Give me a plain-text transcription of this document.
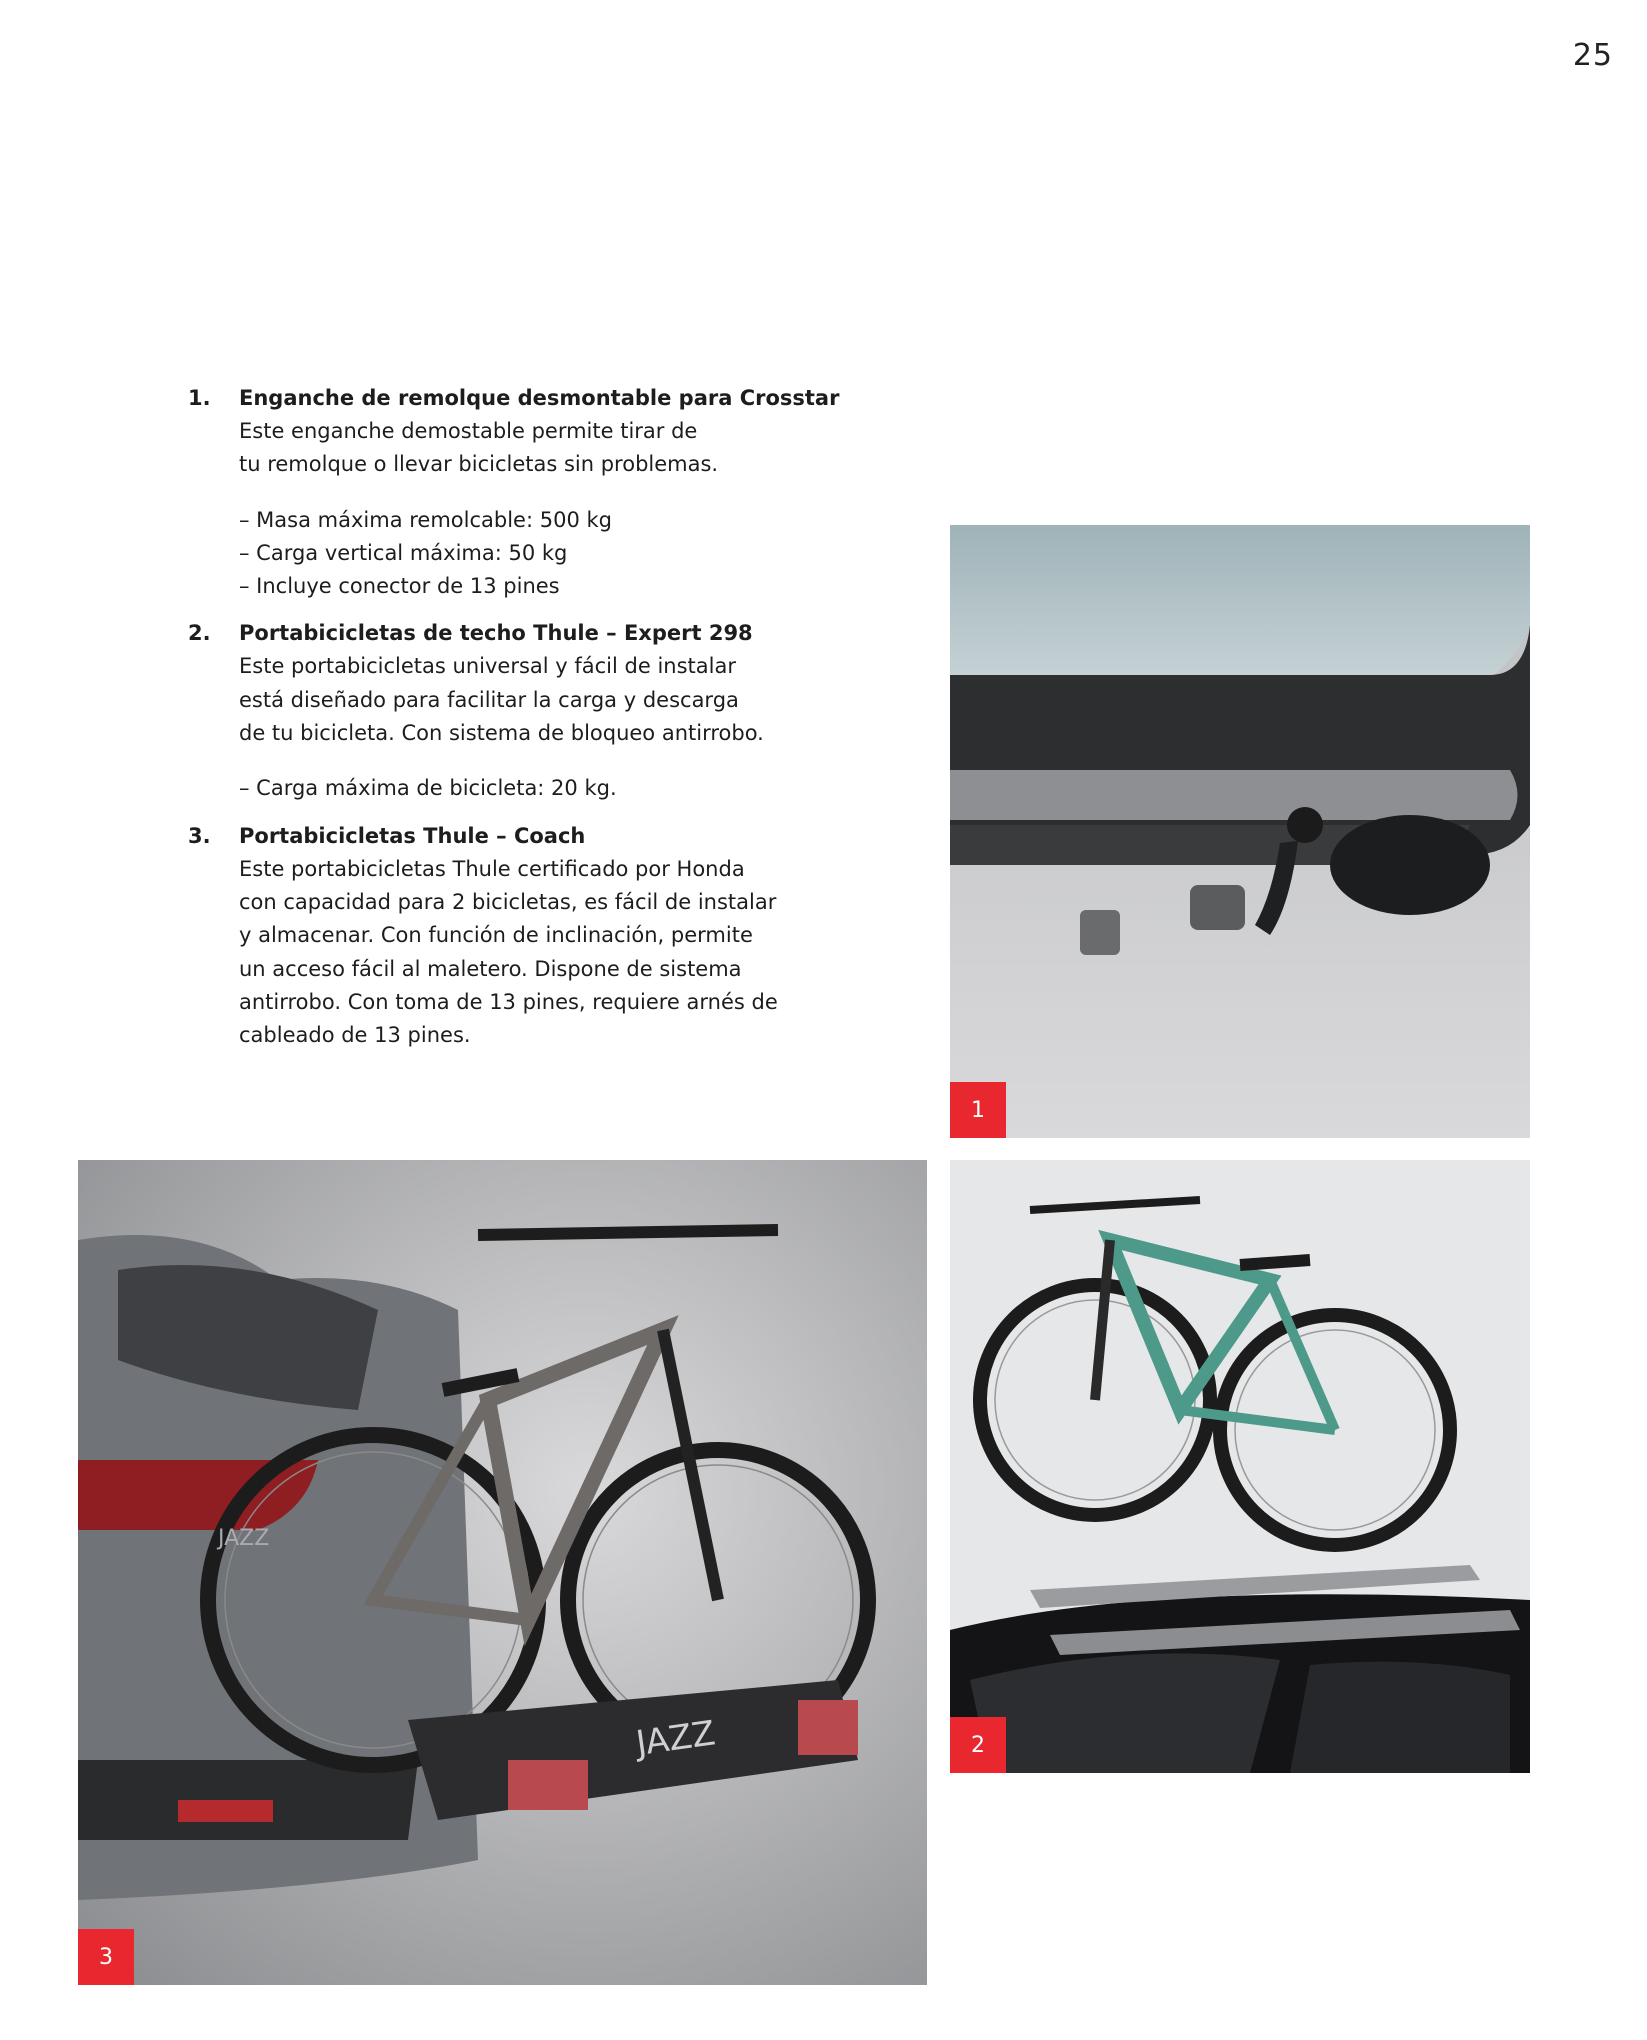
25
1.	Enganche de remolque desmontable para Crosstar
Este enganche demostable permite tirar de
tu remolque o llevar bicicletas sin problemas.
– Masa máxima remolcable: 500 kg
– Carga vertical máxima: 50 kg
– Incluye conector de 13 pines
2.	Portabicicletas de techo Thule – Expert 298
Este portabicicletas universal y fácil de instalar
está diseñado para facilitar la carga y descarga
de tu bicicleta. Con sistema de bloqueo antirrobo.
– Carga máxima de bicicleta: 20 kg.
3.	Portabicicletas Thule – Coach
Este portabicicletas Thule certificado por Honda
con capacidad para 2 bicicletas, es fácil de instalar
y almacenar. Con función de inclinación, permite
un acceso fácil al maletero. Dispone de sistema
antirrobo. Con toma de 13 pines, requiere arnés de
cableado de 13 pines.
1
2
JAZZ
JAZZ
3
